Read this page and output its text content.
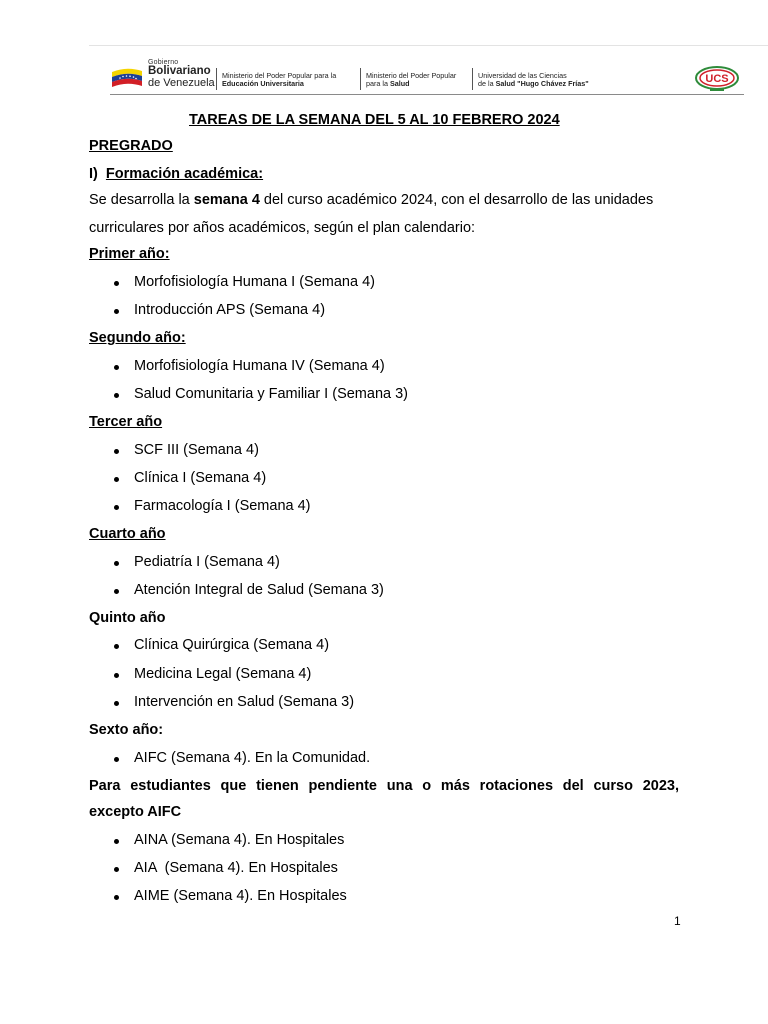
Gobierno
Bolivariano
de Venezuela
Ministerio del Poder Popular para la
Educación Universitaria
Ministerio del Poder Popular
para la Salud
Universidad de las Ciencias
de la Salud "Hugo Chávez Frías"	UCS
TAREAS DE LA SEMANA DEL 5 AL 10 FEBRERO 2024
PREGRADO
I) Formación académica:
Se desarrolla la semana 4 del curso académico 2024, con el desarrollo de las unidades
curriculares por años académicos, según el plan calendario:
Primer año:
Morfofisiología Humana I (Semana 4)
Introducción APS (Semana 4)
Segundo año:
Morfofisiología Humana IV (Semana 4)
Salud Comunitaria y Familiar I (Semana 3)
Tercer año
SCF III (Semana 4)
Clínica I (Semana 4)
Farmacología I (Semana 4)
Cuarto año
Pediatría I (Semana 4)
Atención Integral de Salud (Semana 3)
Quinto año
Clínica Quirúrgica (Semana 4)
Medicina Legal (Semana 4)
Intervención en Salud (Semana 3)
Sexto año:
AIFC (Semana 4). En la Comunidad.
Para estudiantes que tienen pendiente una o más rotaciones del curso 2023,
excepto AIFC
AINA (Semana 4). En Hospitales
AIA  (Semana 4). En Hospitales
AIME (Semana 4). En Hospitales
1
